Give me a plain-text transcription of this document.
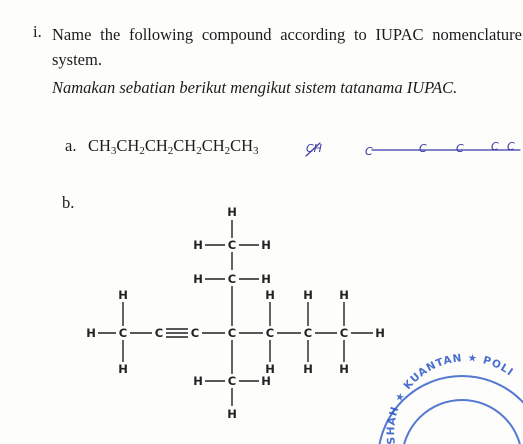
i. Name the following compound according to IUPAC nomenclature
system.
Namakan sebatian berikut mengikut sistem tatanama IUPAC.
a. $CH_3CH_2CH_2CH_2CH_2CH_3$
b.
CH	C	C	C C C
H
H C H
H C H
H	H H H
H C C C C	C	C C H
H	H H H
H C H
H
SHAH ★ KUANTAN ★ POLI
